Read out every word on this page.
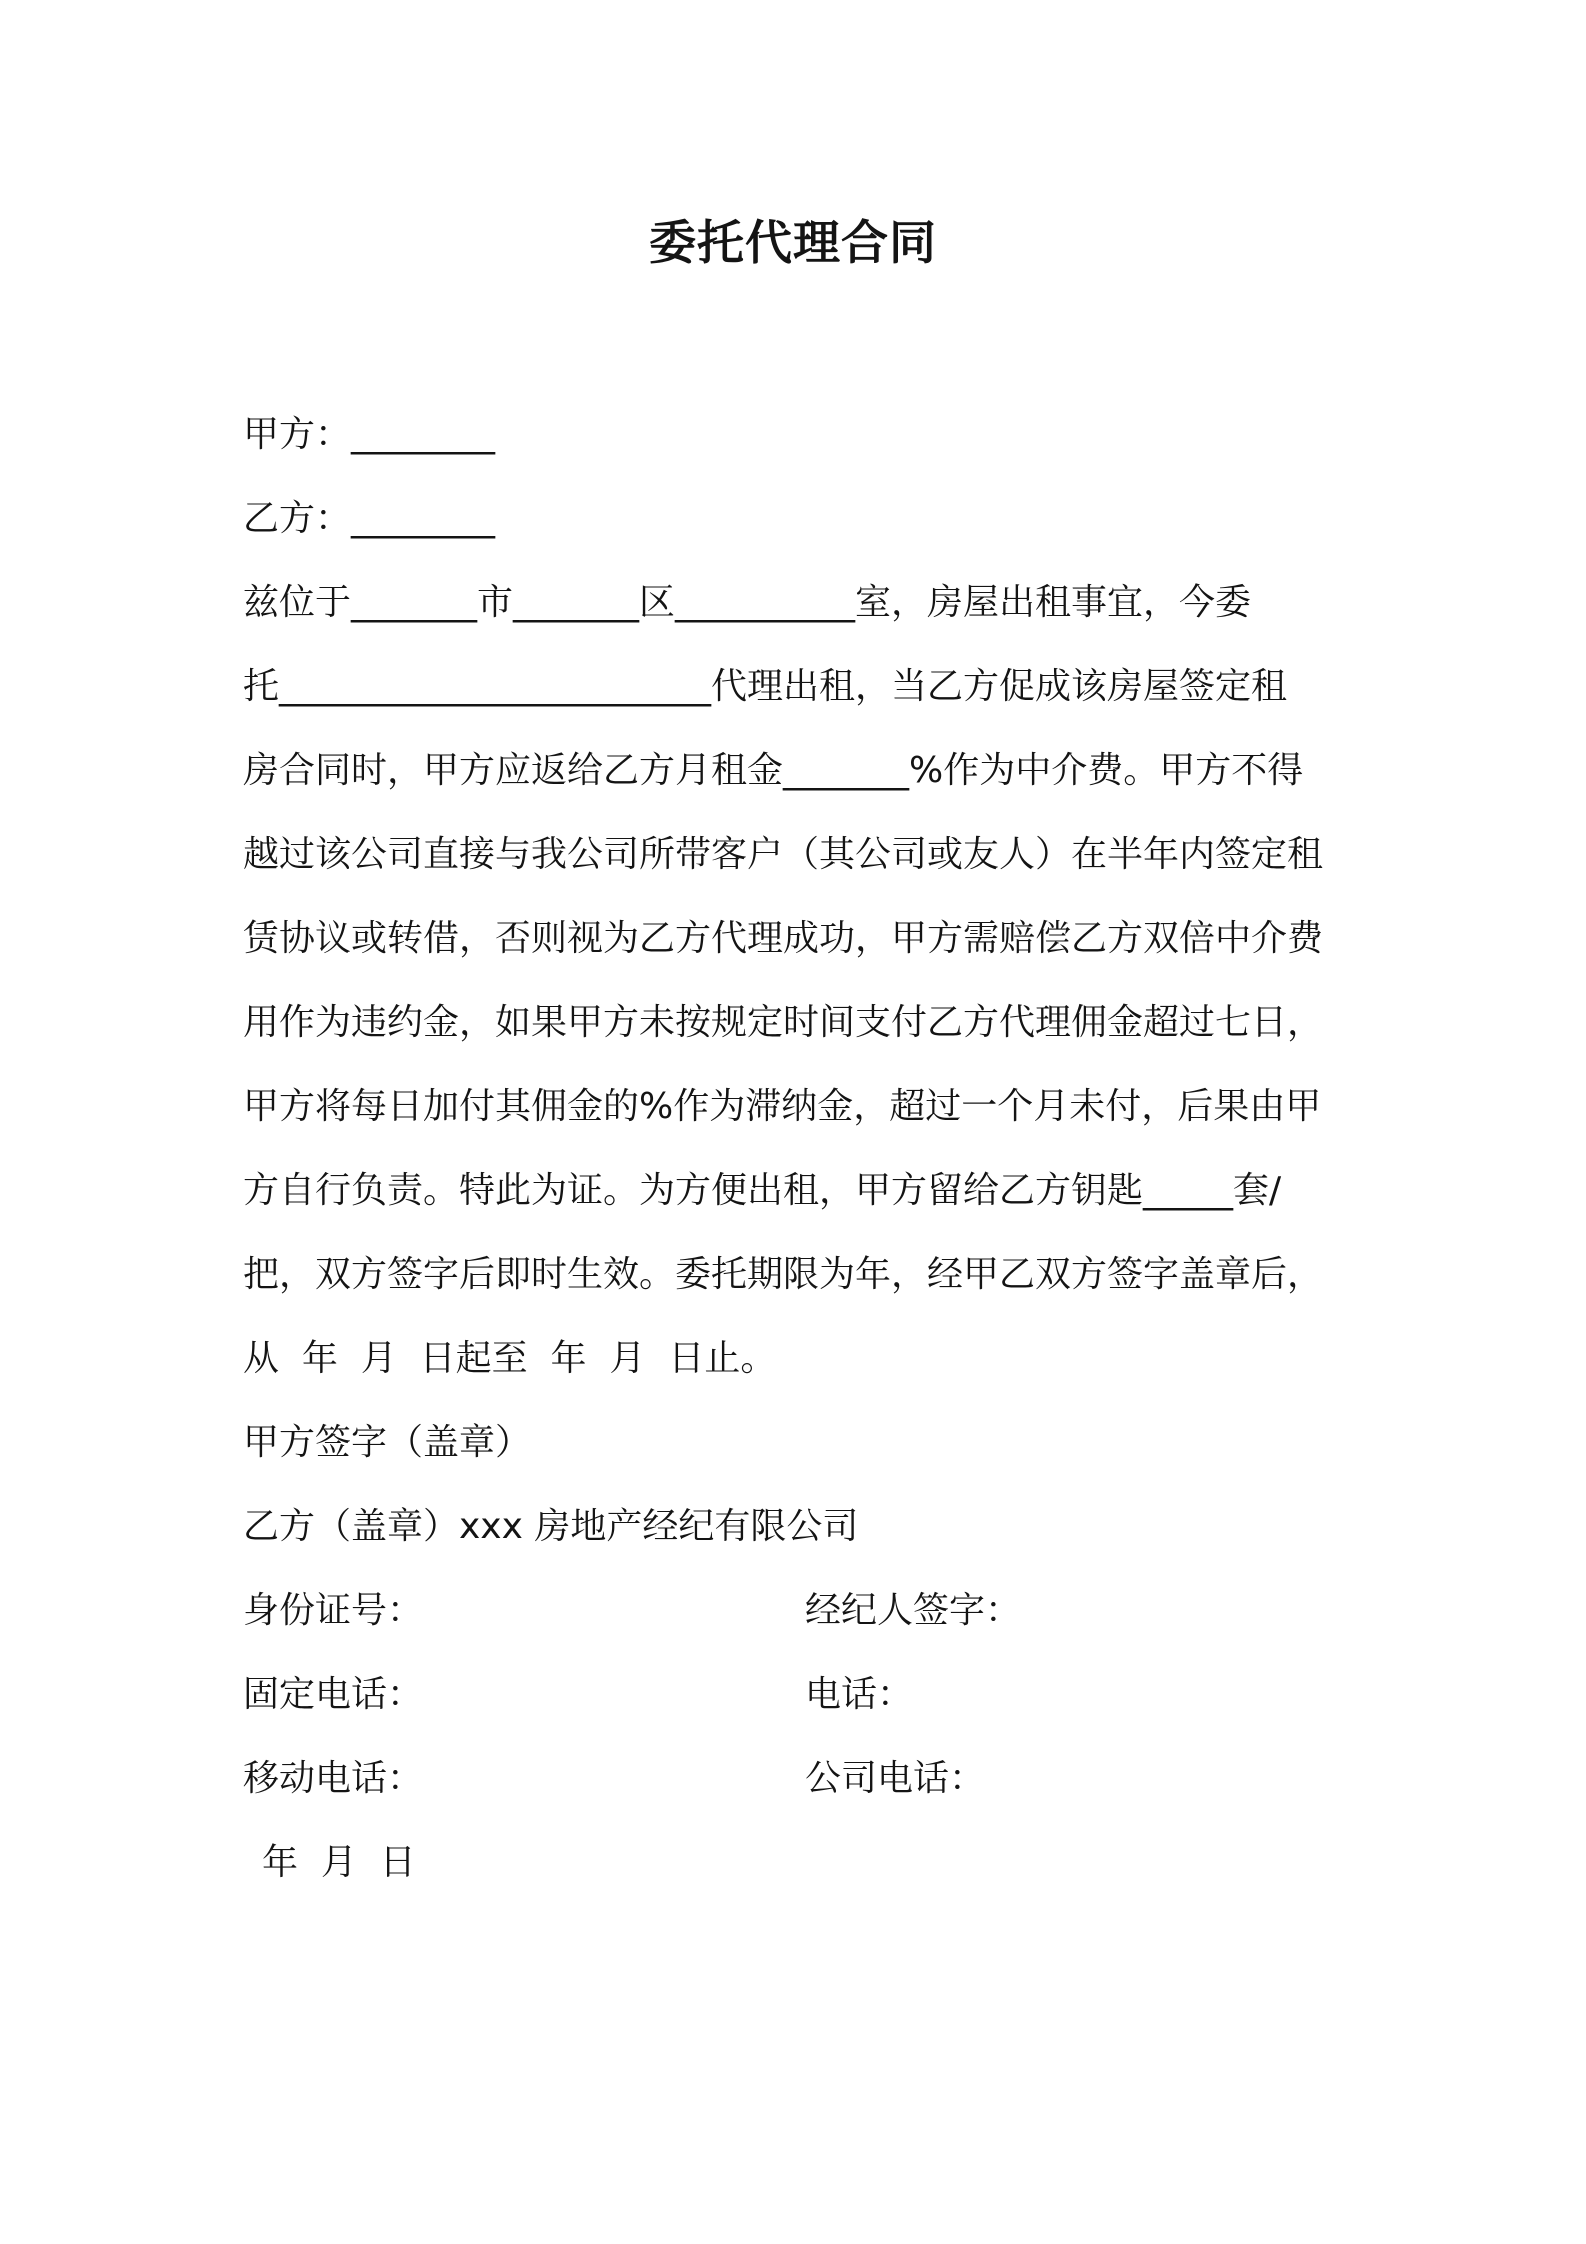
委托代理合同
甲方：________
乙方：________
兹位于_______市_______区__________室，房屋出租事宜，今委
托________________________代理出租，当乙方促成该房屋签定租
房合同时，甲方应返给乙方月租金_______%作为中介费。甲方不得
越过该公司直接与我公司所带客户（其公司或友人）在半年内签定租
赁协议或转借，否则视为乙方代理成功，甲方需赔偿乙方双倍中介费
用作为违约金，如果甲方未按规定时间支付乙方代理佣金超过七日，
甲方将每日加付其佣金的%作为滞纳金，超过一个月未付，后果由甲
方自行负责。特此为证。为方便出租，甲方留给乙方钥匙_____套/
把，双方签字后即时生效。委托期限为年，经甲乙双方签字盖章后，
从  年  月  日起至  年  月  日止。
甲方签字（盖章）
乙方（盖章）xxx 房地产经纪有限公司
身份证号：	经纪人签字：
固定电话：	电话：
移动电话：	公司电话：
年  月  日
